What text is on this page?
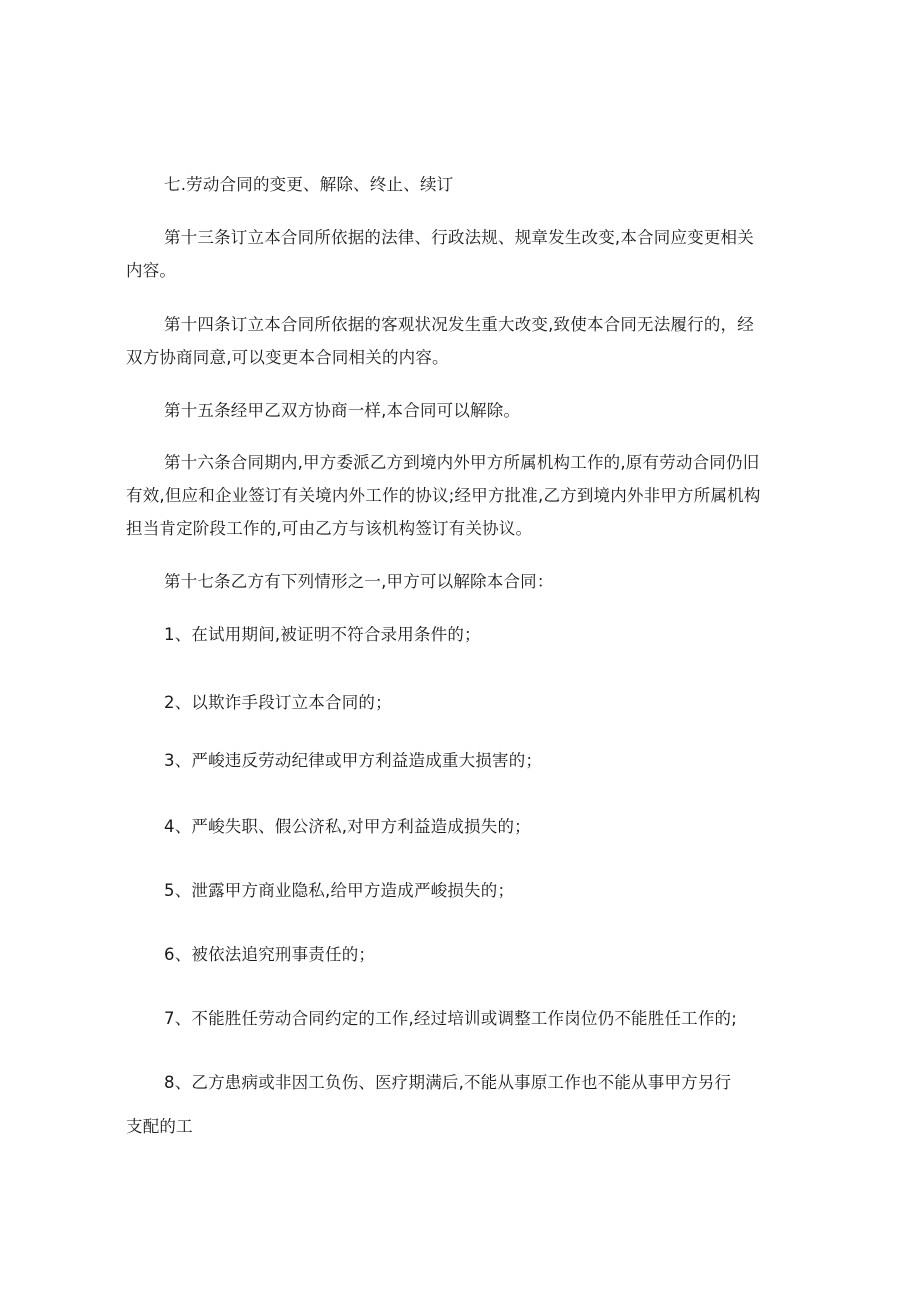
七.劳动合同的变更、解除、终止、续订

第十三条订立本合同所依据的法律、行政法规、规章发生改变,本合同应变更相关内容。

第十四条订立本合同所依据的客观状况发生重大改变,致使本合同无法履行的，经双方协商同意,可以变更本合同相关的内容。

第十五条经甲乙双方协商一样,本合同可以解除。

第十六条合同期内,甲方委派乙方到境内外甲方所属机构工作的,原有劳动合同仍旧有效,但应和企业签订有关境内外工作的协议;经甲方批准,乙方到境内外非甲方所属机构担当肯定阶段工作的,可由乙方与该机构签订有关协议。

第十七条乙方有下列情形之一,甲方可以解除本合同：

1、在试用期间,被证明不符合录用条件的；

2、以欺诈手段订立本合同的；

3、严峻违反劳动纪律或甲方利益造成重大损害的；

4、严峻失职、假公济私,对甲方利益造成损失的；

5、泄露甲方商业隐私,给甲方造成严峻损失的；

6、被依法追究刑事责任的；

7、不能胜任劳动合同约定的工作,经过培训或调整工作岗位仍不能胜任工作的;

8、乙方患病或非因工负伤、医疗期满后,不能从事原工作也不能从事甲方另行

支配的工
